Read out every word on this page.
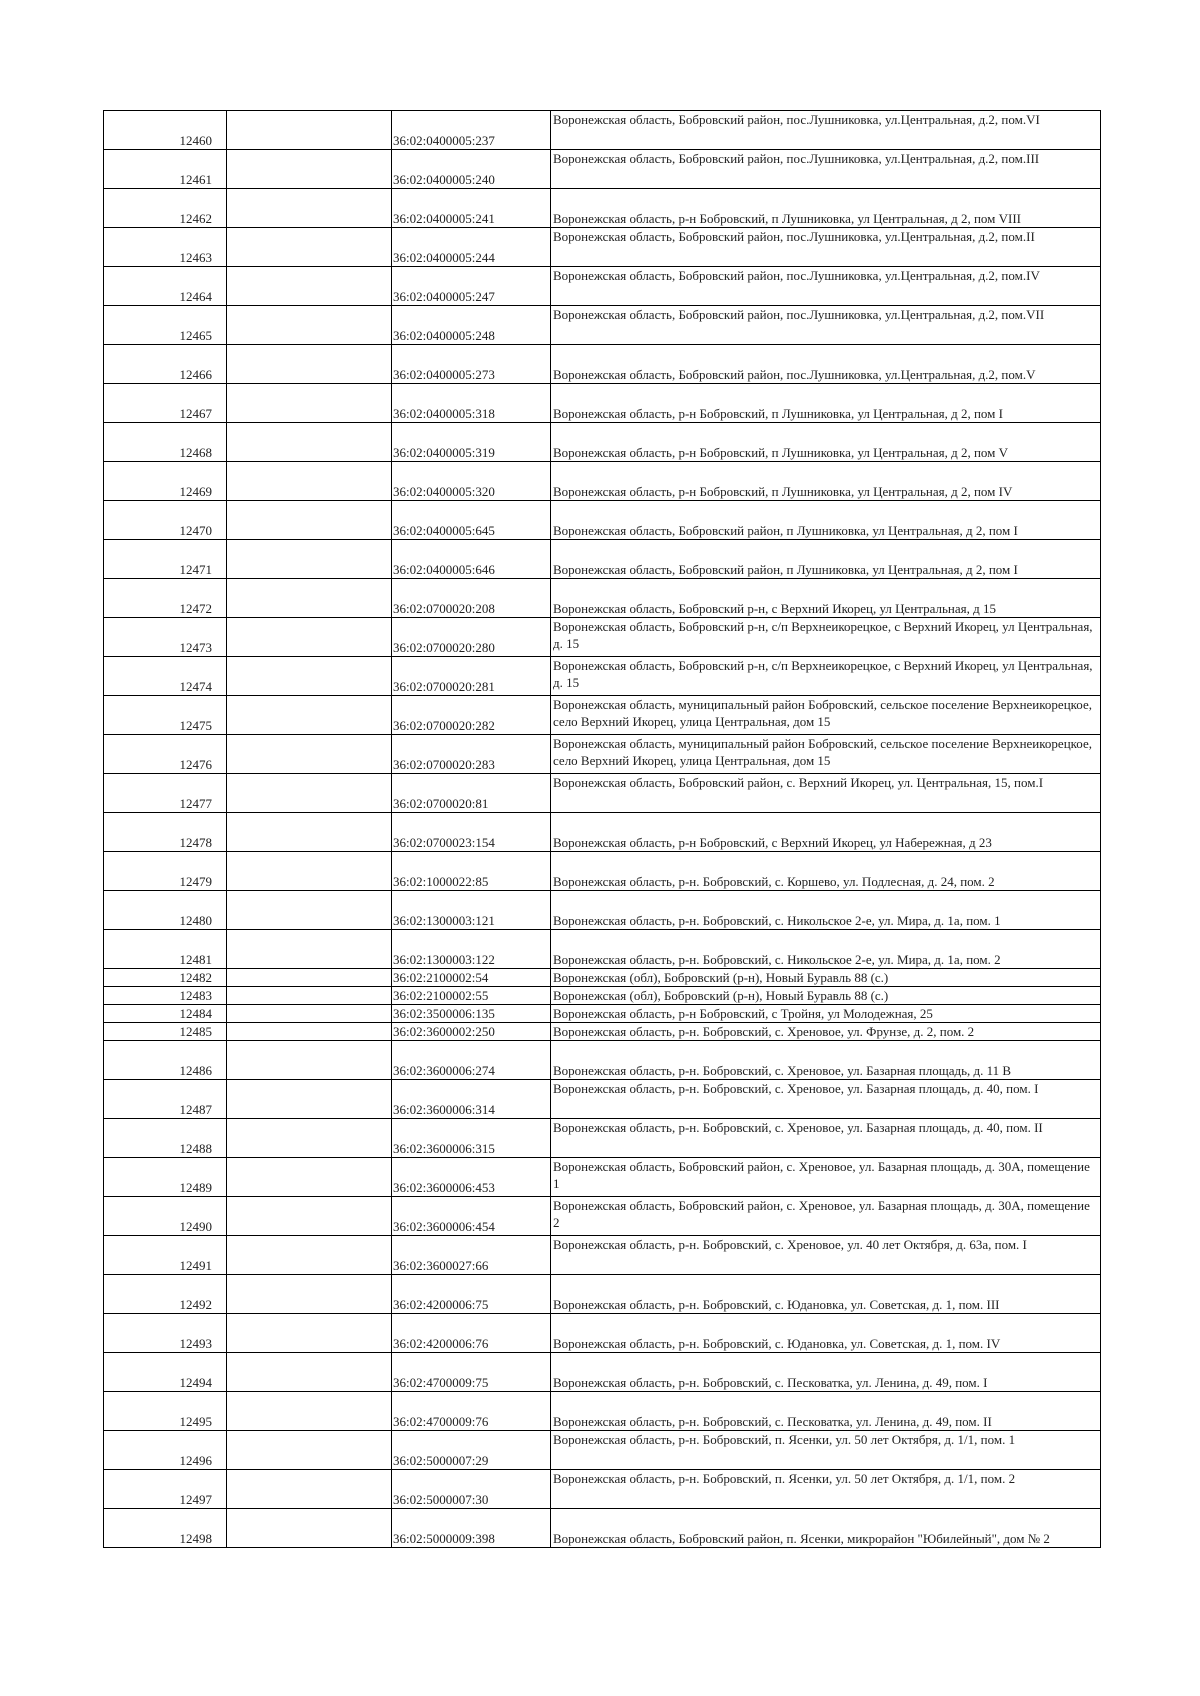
12460		36:02:0400005:237	Воронежская область, Бобровский район, пос.Лушниковка, ул.Центральная, д.2, пом.VI
12461		36:02:0400005:240	Воронежская область, Бобровский район, пос.Лушниковка, ул.Центральная, д.2, пом.III
12462		36:02:0400005:241	Воронежская область, р-н Бобровский, п Лушниковка, ул Центральная, д 2, пом VIII
12463		36:02:0400005:244	Воронежская область, Бобровский район, пос.Лушниковка, ул.Центральная, д.2, пом.II
12464		36:02:0400005:247	Воронежская область, Бобровский район, пос.Лушниковка, ул.Центральная, д.2, пом.IV
12465		36:02:0400005:248	Воронежская область, Бобровский район, пос.Лушниковка, ул.Центральная, д.2, пом.VII
12466		36:02:0400005:273	Воронежская область, Бобровский район, пос.Лушниковка, ул.Центральная, д.2, пом.V
12467		36:02:0400005:318	Воронежская область, р-н Бобровский, п Лушниковка, ул Центральная, д 2, пом I
12468		36:02:0400005:319	Воронежская область, р-н Бобровский, п Лушниковка, ул Центральная, д 2, пом V
12469		36:02:0400005:320	Воронежская область, р-н Бобровский, п Лушниковка, ул Центральная, д 2, пом IV
12470		36:02:0400005:645	Воронежская область, Бобровский район, п Лушниковка, ул Центральная, д 2, пом I
12471		36:02:0400005:646	Воронежская область, Бобровский район, п Лушниковка, ул Центральная, д 2, пом I
12472		36:02:0700020:208	Воронежская область, Бобровский р-н, с Верхний Икорец, ул Центральная, д 15
12473		36:02:0700020:280	Воронежская область, Бобровский р-н, с/п Верхнеикорецкое, с Верхний Икорец, ул Центральная, д. 15
12474		36:02:0700020:281	Воронежская область, Бобровский р-н, с/п Верхнеикорецкое, с Верхний Икорец, ул Центральная, д. 15
12475		36:02:0700020:282	Воронежская область, муниципальный район Бобровский, сельское поселение Верхнеикорецкое, село Верхний Икорец, улица Центральная, дом 15
12476		36:02:0700020:283	Воронежская область, муниципальный район Бобровский, сельское поселение Верхнеикорецкое, село Верхний Икорец, улица Центральная, дом 15
12477		36:02:0700020:81	Воронежская область, Бобровский район, с. Верхний Икорец, ул. Центральная, 15, пом.I
12478		36:02:0700023:154	Воронежская область, р-н Бобровский, с Верхний Икорец, ул Набережная, д 23
12479		36:02:1000022:85	Воронежская область, р-н. Бобровский, с. Коршево, ул. Подлесная, д. 24, пом. 2
12480		36:02:1300003:121	Воронежская область, р-н. Бобровский, с. Никольское 2-е, ул. Мира, д. 1а, пом. 1
12481		36:02:1300003:122	Воронежская область, р-н. Бобровский, с. Никольское 2-е, ул. Мира, д. 1а, пом. 2
12482		36:02:2100002:54	Воронежская (обл), Бобровский (р-н), Новый Буравль 88 (с.)
12483		36:02:2100002:55	Воронежская (обл), Бобровский (р-н), Новый Буравль 88 (с.)
12484		36:02:3500006:135	Воронежская область, р-н Бобровский, с Тройня, ул Молодежная, 25
12485		36:02:3600002:250	Воронежская область, р-н. Бобровский, с. Хреновое, ул. Фрунзе, д. 2, пом. 2
12486		36:02:3600006:274	Воронежская область, р-н. Бобровский, с. Хреновое, ул. Базарная площадь, д. 11 В
12487		36:02:3600006:314	Воронежская область, р-н. Бобровский, с. Хреновое, ул. Базарная площадь, д. 40, пом. I
12488		36:02:3600006:315	Воронежская область, р-н. Бобровский, с. Хреновое, ул. Базарная площадь, д. 40, пом. II
12489		36:02:3600006:453	Воронежская область, Бобровский район, с. Хреновое, ул. Базарная площадь, д. 30А, помещение 1
12490		36:02:3600006:454	Воронежская область, Бобровский район, с. Хреновое, ул. Базарная площадь, д. 30А, помещение 2
12491		36:02:3600027:66	Воронежская область, р-н. Бобровский, с. Хреновое, ул. 40 лет Октября, д. 63а, пом. I
12492		36:02:4200006:75	Воронежская область, р-н. Бобровский, с. Юдановка, ул. Советская, д. 1, пом. III
12493		36:02:4200006:76	Воронежская область, р-н. Бобровский, с. Юдановка, ул. Советская, д. 1, пом. IV
12494		36:02:4700009:75	Воронежская область, р-н. Бобровский, с. Песковатка, ул. Ленина, д. 49, пом. I
12495		36:02:4700009:76	Воронежская область, р-н. Бобровский, с. Песковатка, ул. Ленина, д. 49, пом. II
12496		36:02:5000007:29	Воронежская область, р-н. Бобровский, п. Ясенки, ул. 50 лет Октября, д. 1/1, пом. 1
12497		36:02:5000007:30	Воронежская область, р-н. Бобровский, п. Ясенки, ул. 50 лет Октября, д. 1/1, пом. 2
12498		36:02:5000009:398	Воронежская область, Бобровский район, п. Ясенки, микрорайон "Юбилейный", дом № 2
